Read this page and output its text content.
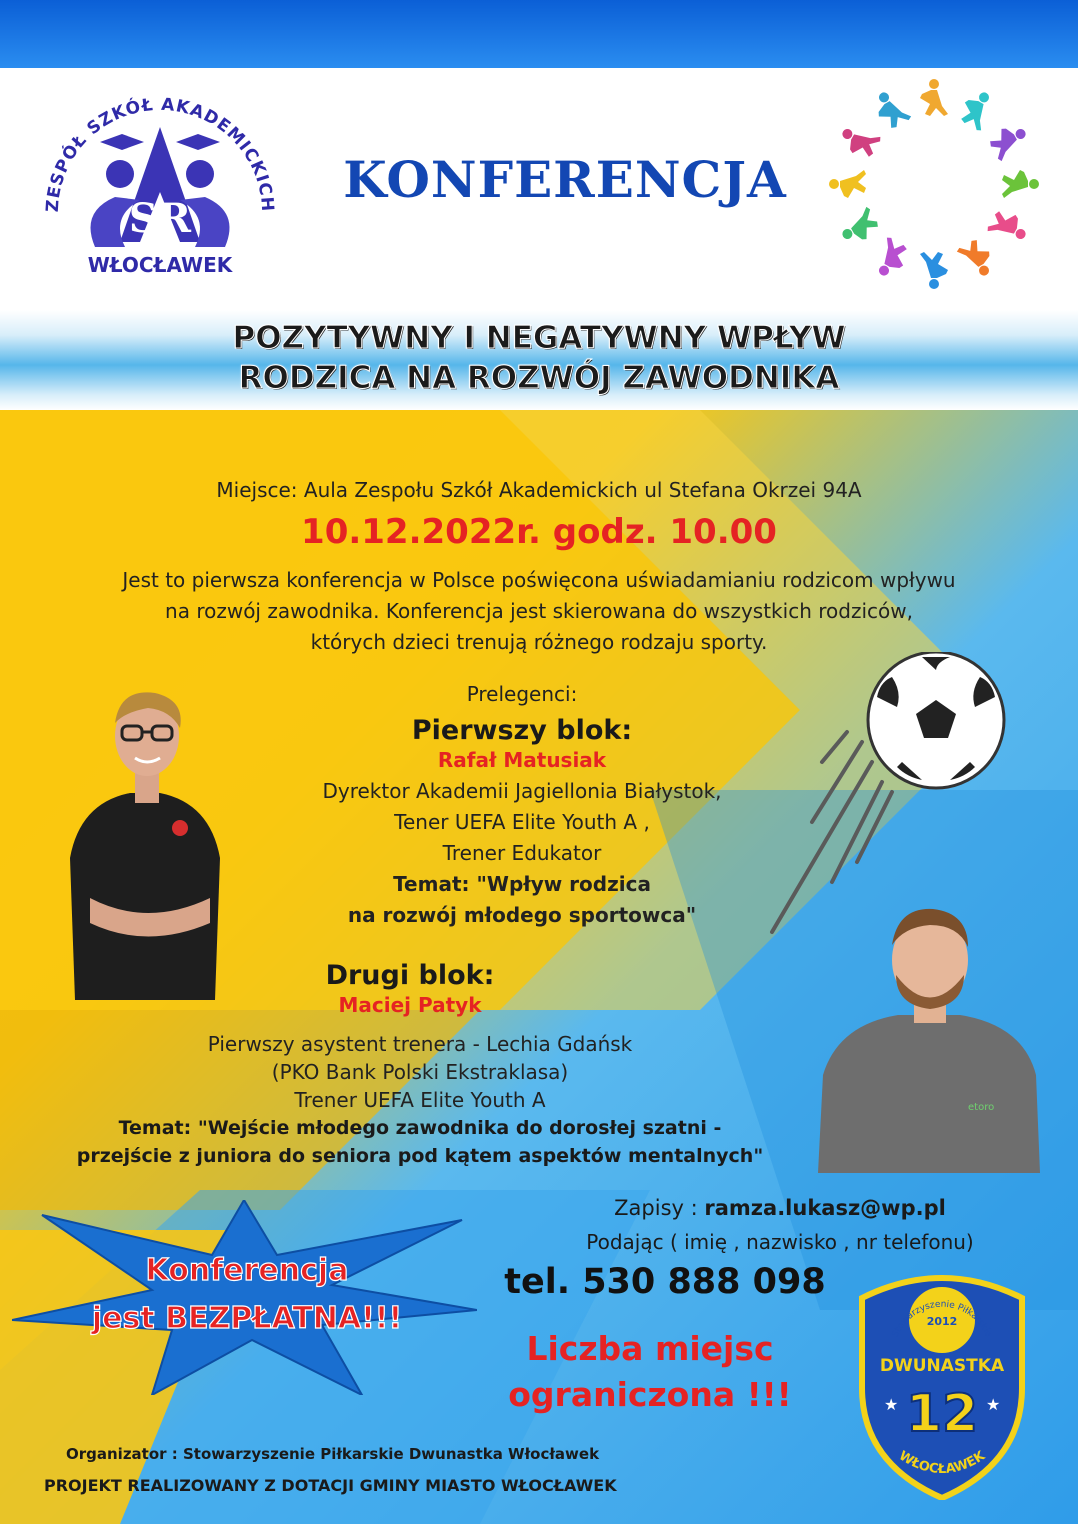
ZESPÓŁ SZKÓŁ AKADEMICKICH
SR
WŁOCŁAWEK
KONFERENCJA
POZYTYWNY I NEGATYWNY WPŁYW
RODZICA NA ROZWÓJ ZAWODNIKA
Miejsce: Aula Zespołu Szkół Akademickich ul Stefana Okrzei 94A
10.12.2022r. godz. 10.00
Jest to pierwsza konferencja w Polsce poświęcona uświadamianiu rodzicom wpływu
na rozwój zawodnika. Konferencja jest skierowana do wszystkich rodziców,
których dzieci trenują różnego rodzaju sporty.
Prelegenci:
Pierwszy blok:
Rafał Matusiak
Dyrektor Akademii Jagiellonia Białystok,
Tener UEFA Elite Youth A ,
Trener Edukator
Temat: "Wpływ rodzica
na rozwój młodego sportowca"
Drugi blok:
Maciej Patyk
Pierwszy asystent trenera - Lechia Gdańsk
(PKO Bank Polski Ekstraklasa)
Trener UEFA Elite Youth A
Temat: "Wejście młodego zawodnika do dorosłej szatni -
przejście z juniora do seniora pod kątem aspektów mentalnych"
etoro
Zapisy : ramza.lukasz@wp.pl
Podając ( imię , nazwisko , nr telefonu)
tel. 530 888 098
Liczba miejsc
ograniczona !!!
Konferencja
jest BEZPŁATNA!!!	Stowarzyszenie Piłkarskie
2012
DWUNASTKA
12
★	★
WŁOCŁAWEK
Organizator : Stowarzyszenie Piłkarskie Dwunastka Włocławek
PROJEKT REALIZOWANY Z DOTACJI GMINY MIASTO WŁOCŁAWEK
